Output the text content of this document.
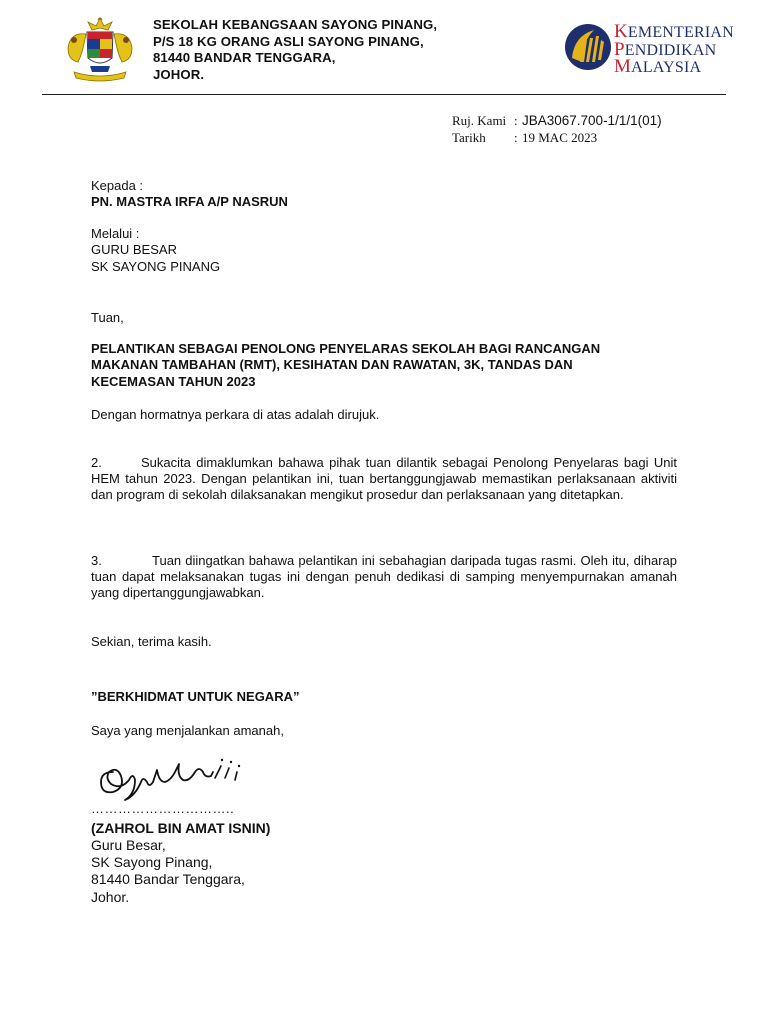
SEKOLAH KEBANGSAAN SAYONG PINANG,
P/S 18 KG ORANG ASLI SAYONG PINANG,
81440 BANDAR TENGGARA,
JOHOR.
KEMENTERIAN
PENDIDIKAN
MALAYSIA
Ruj. Kami : JBA3067.700-1/1/1(01)
Tarikh : 19 MAC 2023
Kepada :
PN. MASTRA IRFA A/P NASRUN
Melalui :
GURU BESAR
SK SAYONG PINANG
Tuan,
PELANTIKAN SEBAGAI PENOLONG PENYELARAS SEKOLAH BAGI RANCANGAN MAKANAN TAMBAHAN (RMT), KESIHATAN DAN RAWATAN, 3K, TANDAS DAN KECEMASAN TAHUN 2023
Dengan hormatnya perkara di atas adalah dirujuk.
2.	Sukacita dimaklumkan bahawa pihak tuan dilantik sebagai Penolong Penyelaras bagi Unit HEM tahun 2023. Dengan pelantikan ini, tuan bertanggungjawab memastikan perlaksanaan aktiviti dan program di sekolah dilaksanakan mengikut prosedur dan perlaksanaan yang ditetapkan.
3.	Tuan diingatkan bahawa pelantikan ini sebahagian daripada tugas rasmi. Oleh itu, diharap tuan dapat melaksanakan tugas ini dengan penuh dedikasi di samping menyempurnakan amanah yang dipertanggungjawabkan.
Sekian, terima kasih.
”BERKHIDMAT UNTUK NEGARA”
Saya yang menjalankan amanah,
…………………………..
(ZAHROL BIN AMAT ISNIN)
Guru Besar,
SK Sayong Pinang,
81440 Bandar Tenggara,
Johor.
